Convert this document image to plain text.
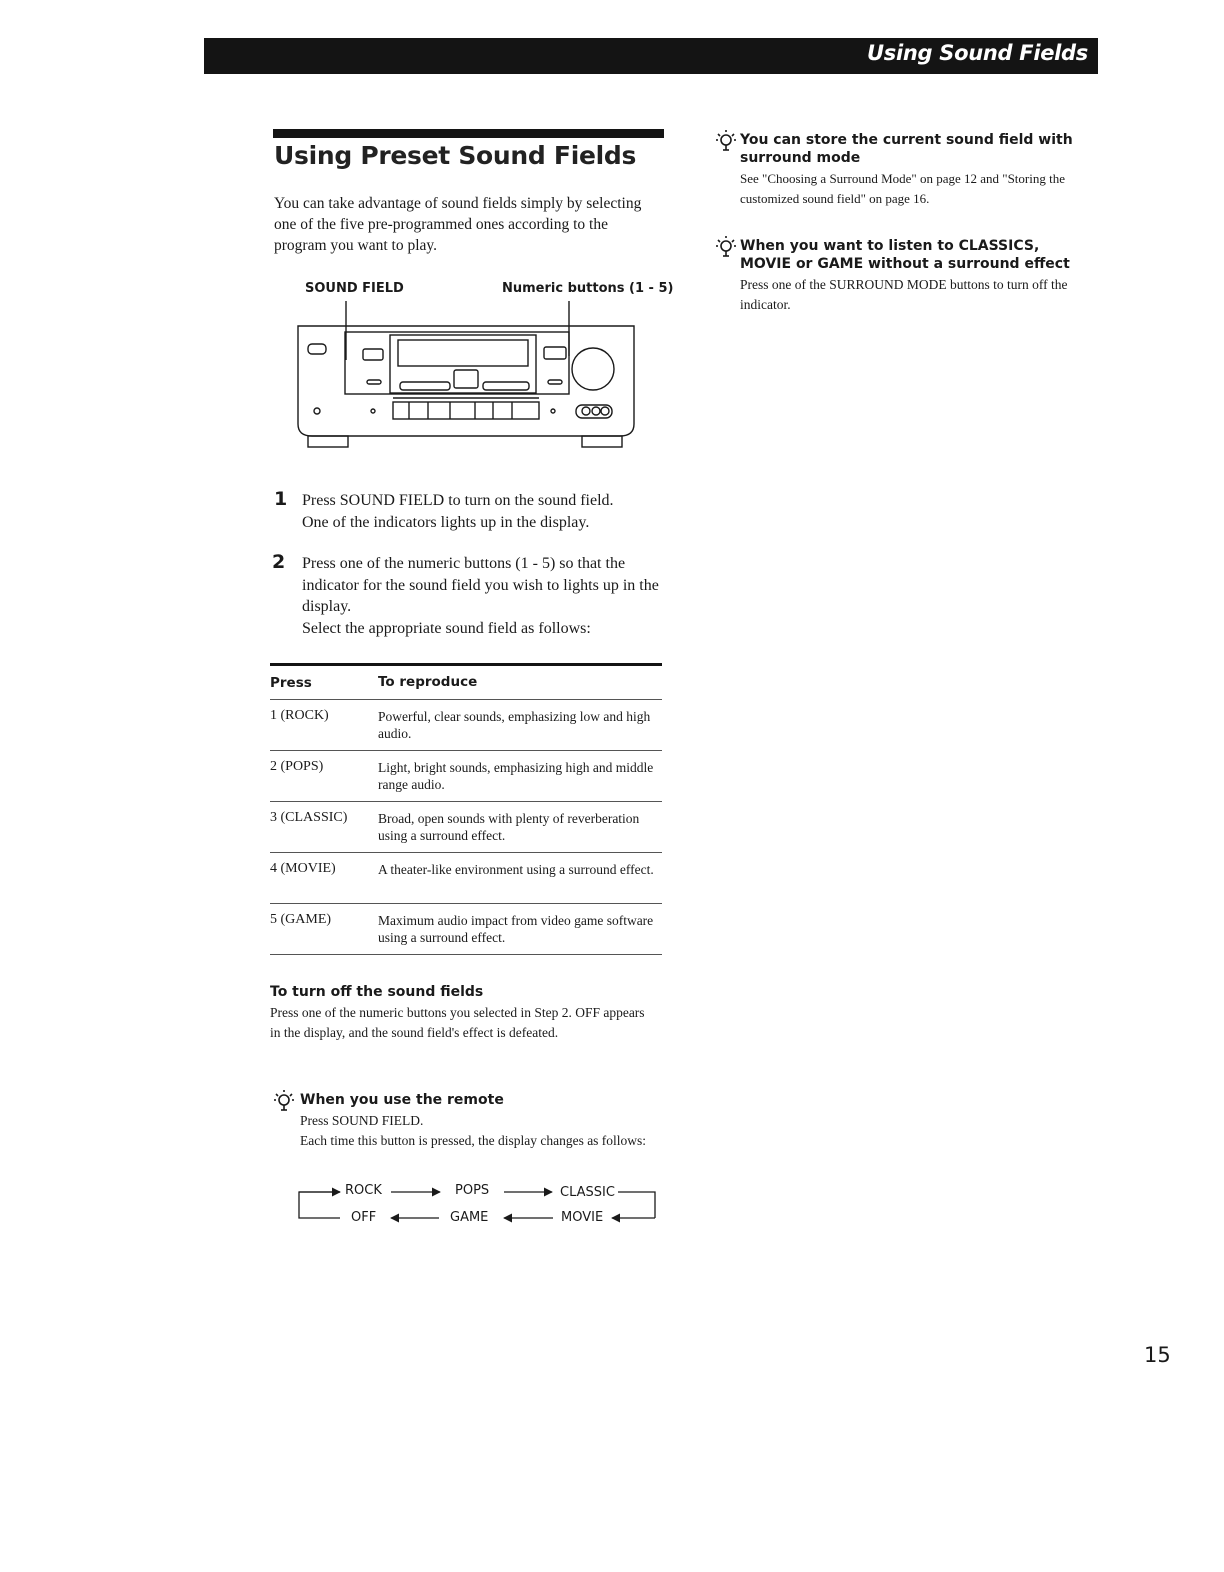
Using Sound Fields
Using Preset Sound Fields
You can take advantage of sound fields simply by selecting one of the five pre-programmed ones according to the program you want to play.
SOUND FIELD	Numeric buttons (1 - 5)
1 Press SOUND FIELD to turn on the sound field.
One of the indicators lights up in the display.
2 Press one of the numeric buttons (1 - 5) so that the indicator for the sound field you wish to lights up in the display.
Select the appropriate sound field as follows:
Press	To reproduce
1 (ROCK)	Powerful, clear sounds, emphasizing low and high audio.
2 (POPS)	Light, bright sounds, emphasizing high and middle range audio.
3 (CLASSIC)	Broad, open sounds with plenty of reverberation using a surround effect.
4 (MOVIE)	A theater-like environment using a surround effect.
5 (GAME)	Maximum audio impact from video game software using a surround effect.
To turn off the sound fields
Press one of the numeric buttons you selected in Step 2. OFF appears in the display, and the sound field's effect is defeated.
When you use the remote
Press SOUND FIELD.
Each time this button is pressed, the display changes as follows:
ROCK	POPS	CLASSIC
OFF	GAME	MOVIE
You can store the current sound field with surround mode
See "Choosing a Surround Mode" on page 12 and "Storing the customized sound field" on page 16.
When you want to listen to CLASSICS, MOVIE or GAME without a surround effect
Press one of the SURROUND MODE buttons to turn off the indicator.
15
